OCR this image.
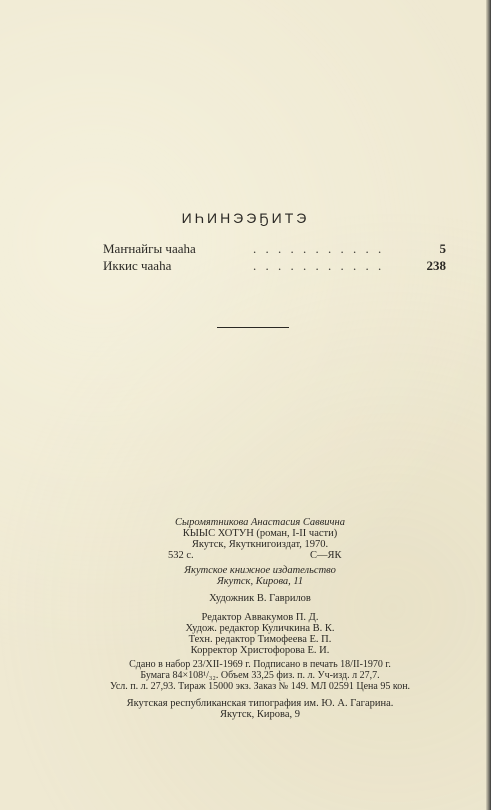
ИҺИНЭЭҔИТЭ
Маҥнайгы чааһа	. . . . . . . . . . .	5
Иккис чааһа	. . . . . . . . . . .	238
Сыромятникова Анастасия Саввична
КЫЫС ХОТУН (роман, I-II части)
Якутск, Якуткнигоиздат, 1970.
532 с.	С—ЯК
Якутское книжное издательство
Якутск, Кирова, 11
Художник В. Гаврилов
Редактор Аввакумов П. Д.
Худож. редактор Куличкина В. К.
Техн. редактор Тимофеева Е. П.
Корректор Христофорова Е. И.
Сдано в набор 23/XII-1969 г. Подписано в печать 18/II-1970 г.
Бумага 84×108¹/₃₂. Объем 33,25 физ. п. л. Уч-изд. л 27,7.
Усл. п. л. 27,93. Тираж 15000 экз. Заказ № 149. МЛ 02591 Цена 95 кон.
Якутская республиканская типография им. Ю. А. Гагарина.
Якутск, Кирова, 9
